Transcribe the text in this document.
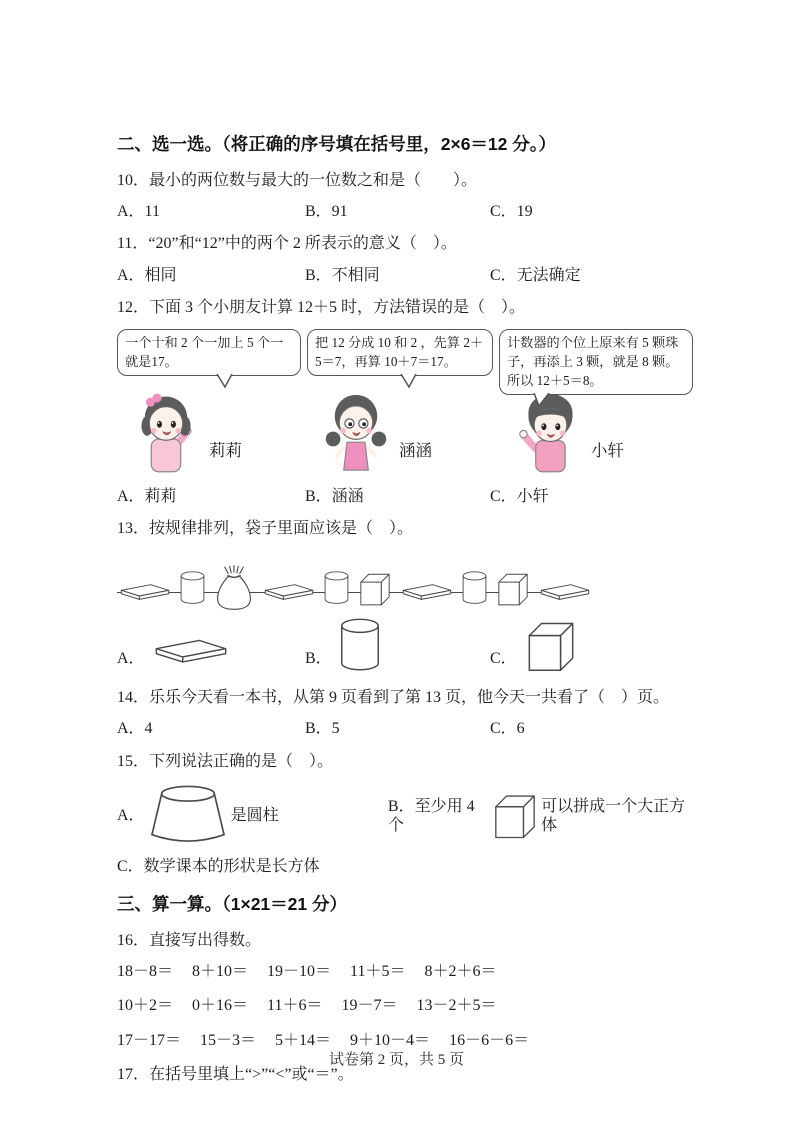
二、选一选。（将正确的序号填在括号里，2×6＝12 分。）

10．最小的两位数与最大的一位数之和是（　　）。

A．11	B．91	C．19

11．“20”和“12”中的两个 2 所表示的意义（　）。

A．相同	B．不相同	C．无法确定

12．下面 3 个小朋友计算 12＋5 时，方法错误的是（　）。

一个十和 2 个一加上 5 个一就是17。
莉莉
把 12 分成 10 和 2 ，先算 2＋5＝7，再算 10＋7＝17。
涵涵
计数器的个位上原来有 5 颗珠子，再添上 3 颗，就是 8 颗。所以 12＋5＝8。
小轩
A．莉莉	B．涵涵	C．小轩

13．按规律排列，袋子里面应该是（　）。

A．	B．	C．

14．乐乐今天看一本书，从第 9 页看到了第 13 页，他今天一共看了（　）页。

A．4	B．5	C．6

15．下列说法正确的是（　）。

A．	是圆柱
B．至少用 4 个
可以拼成一个大正方体

C．数学课本的形状是长方体

三、算一算。（1×21＝21 分）

16．直接写出得数。

18－8＝ 8＋10＝ 19－10＝ 11＋5＝ 8＋2＋6＝
10＋2＝ 0＋16＝ 11＋6＝ 19－7＝ 13－2＋5＝
17－17＝ 15－3＝ 5＋14＝ 9＋10－4＝ 16－6－6＝

17．在括号里填上“>”“<”或“＝”。

试卷第 2 页，共 5 页
